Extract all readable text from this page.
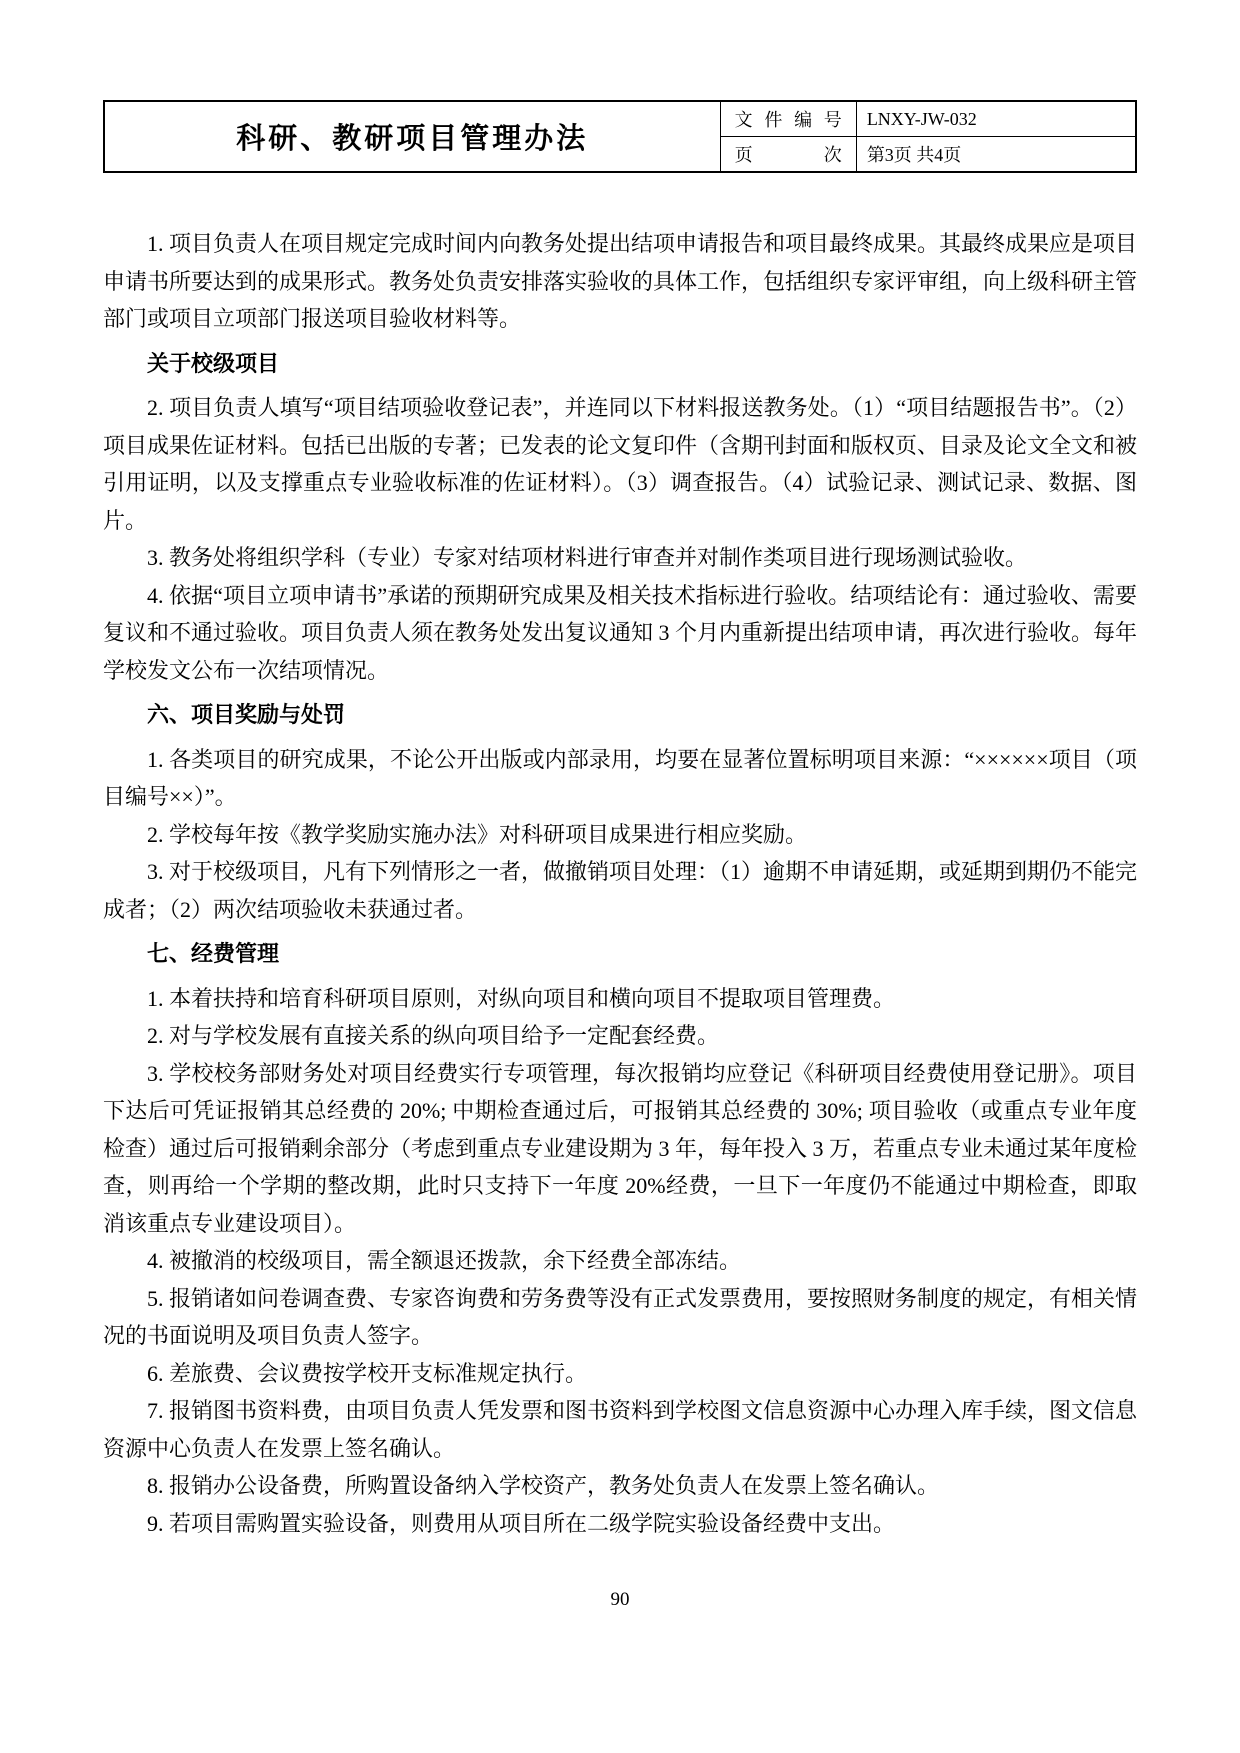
科研、教研项目管理办法	文 件 编 号	LNXY-JW-032
	页 次	第3页 共4页

1. 项目负责人在项目规定完成时间内向教务处提出结项申请报告和项目最终成果。其最终成果应是项目申请书所要达到的成果形式。教务处负责安排落实验收的具体工作，包括组织专家评审组，向上级科研主管部门或项目立项部门报送项目验收材料等。

关于校级项目

2. 项目负责人填写“项目结项验收登记表”，并连同以下材料报送教务处。（1）“项目结题报告书”。（2）项目成果佐证材料。包括已出版的专著；已发表的论文复印件（含期刊封面和版权页、目录及论文全文和被引用证明，以及支撑重点专业验收标准的佐证材料）。（3）调查报告。（4）试验记录、测试记录、数据、图片。

3. 教务处将组织学科（专业）专家对结项材料进行审查并对制作类项目进行现场测试验收。

4. 依据“项目立项申请书”承诺的预期研究成果及相关技术指标进行验收。结项结论有：通过验收、需要复议和不通过验收。项目负责人须在教务处发出复议通知 3 个月内重新提出结项申请，再次进行验收。每年学校发文公布一次结项情况。

六、项目奖励与处罚

1. 各类项目的研究成果，不论公开出版或内部录用，均要在显著位置标明项目来源：“××××××项目（项目编号××）”。

2. 学校每年按《教学奖励实施办法》对科研项目成果进行相应奖励。

3. 对于校级项目，凡有下列情形之一者，做撤销项目处理：（1）逾期不申请延期，或延期到期仍不能完成者；（2）两次结项验收未获通过者。

七、经费管理

1. 本着扶持和培育科研项目原则，对纵向项目和横向项目不提取项目管理费。

2. 对与学校发展有直接关系的纵向项目给予一定配套经费。

3. 学校校务部财务处对项目经费实行专项管理，每次报销均应登记《科研项目经费使用登记册》。项目下达后可凭证报销其总经费的 20%; 中期检查通过后，可报销其总经费的 30%; 项目验收（或重点专业年度检查）通过后可报销剩余部分（考虑到重点专业建设期为 3 年，每年投入 3 万，若重点专业未通过某年度检查，则再给一个学期的整改期，此时只支持下一年度 20%经费，一旦下一年度仍不能通过中期检查，即取消该重点专业建设项目）。

4. 被撤消的校级项目，需全额退还拨款，余下经费全部冻结。

5. 报销诸如问卷调查费、专家咨询费和劳务费等没有正式发票费用，要按照财务制度的规定，有相关情况的书面说明及项目负责人签字。

6. 差旅费、会议费按学校开支标准规定执行。

7. 报销图书资料费，由项目负责人凭发票和图书资料到学校图文信息资源中心办理入库手续，图文信息资源中心负责人在发票上签名确认。

8. 报销办公设备费，所购置设备纳入学校资产，教务处负责人在发票上签名确认。

9. 若项目需购置实验设备，则费用从项目所在二级学院实验设备经费中支出。

90
